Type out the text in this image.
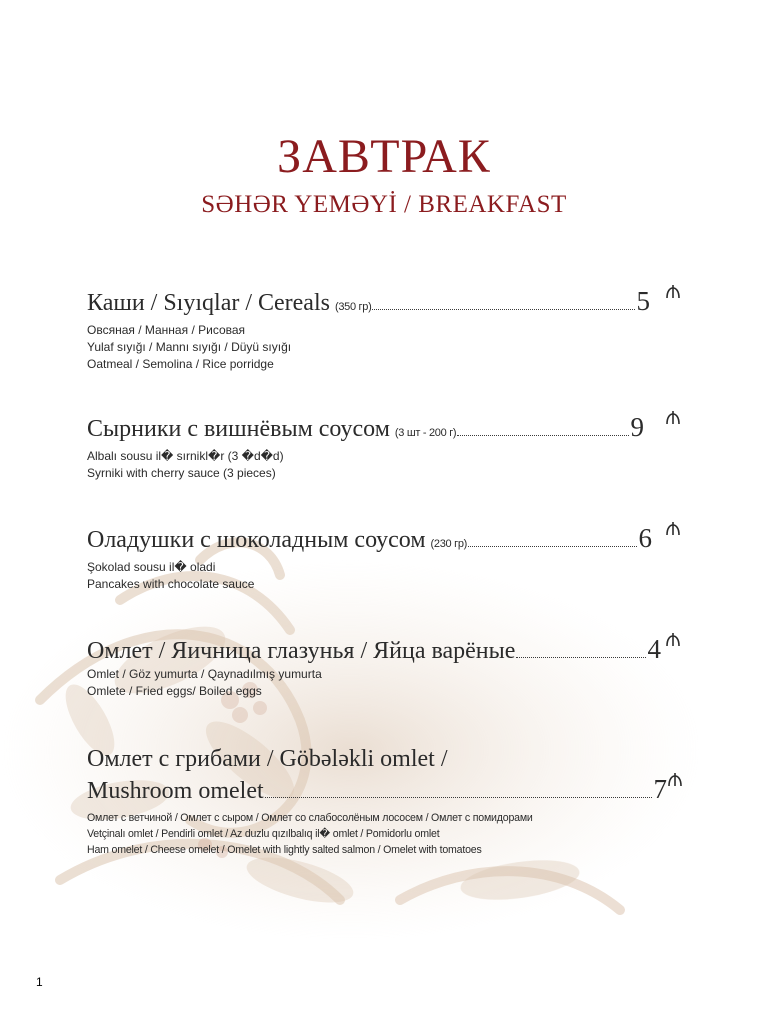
ЗАВТРАК
SƏHƏR YEMƏYİ / BREAKFAST
Каши / Sıyıqlar / Cereals (350 гр)	5
Овсяная / Манная / Рисовая
Yulaf sıyığı / Mannı sıyığı / Düyü sıyığı
Oatmeal / Semolina / Rice porridge
Сырники с вишнёвым соусом (3 шт - 200 г)	9
Albalı sousu il� sırnikl�r (3 �d�d)
Syrniki with cherry sauce (3 pieces)
Оладушки с шоколадным соусом (230 гр)	6
Şokolad sousu il� oladi
Pancakes with chocolate sauce
Омлет / Яичница глазунья / Яйца варёные	4
Omlet / Göz yumurta / Qaynadılmış yumurta
Omlete / Fried eggs/ Boiled eggs
Омлет с грибами / Göbələkli omlet /
Mushroom omelet	7
Омлет с ветчиной / Омлет с сыром / Омлет со слабосолёным лососем / Омлет с помидорами
Vetçinalı omlet / Pendirli omlet / Az duzlu qızılbalıq il� omlet / Pomidorlu omlet
Ham omelet / Cheese omelet / Omelet with lightly salted salmon / Omelet with tomatoes
1
